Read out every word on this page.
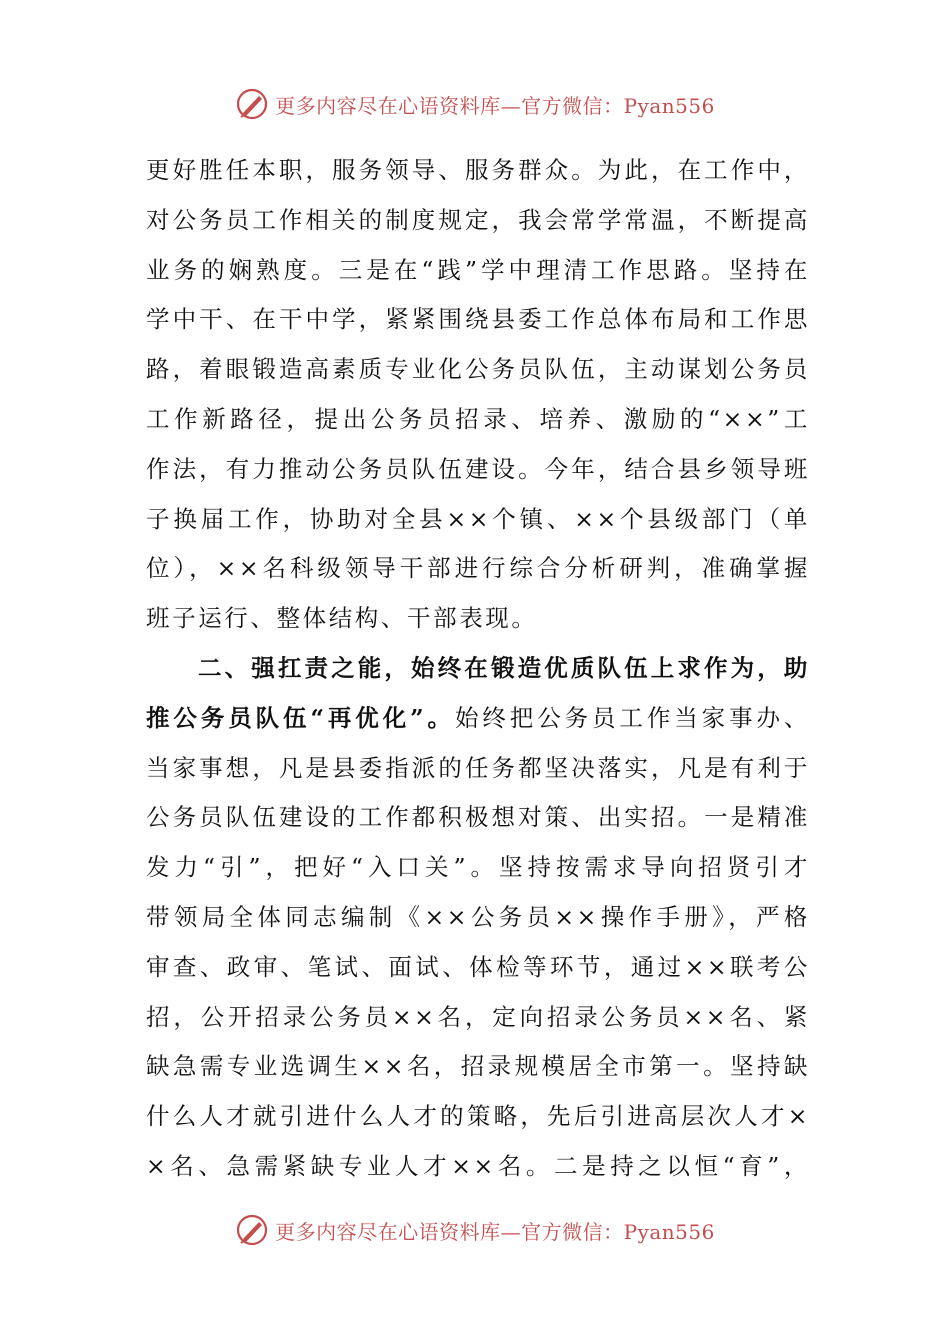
更多内容尽在心语资料库—官方微信：Pyan556
更好胜任本职，服务领导、服务群众。为此，在工作中，
对公务员工作相关的制度规定，我会常学常温，不断提高
业务的娴熟度。三是在“践”学中理清工作思路。坚持在
学中干、在干中学，紧紧围绕县委工作总体布局和工作思
路，着眼锻造高素质专业化公务员队伍，主动谋划公务员
工作新路径，提出公务员招录、培养、激励的“××”工
作法，有力推动公务员队伍建设。今年，结合县乡领导班
子换届工作，协助对全县××个镇、××个县级部门（单
位），××名科级领导干部进行综合分析研判，准确掌握
班子运行、整体结构、干部表现。
二、强扛责之能，始终在锻造优质队伍上求作为，助
推公务员队伍“再优化”。始终把公务员工作当家事办、
当家事想，凡是县委指派的任务都坚决落实，凡是有利于
公务员队伍建设的工作都积极想对策、出实招。一是精准
发力“引”，把好“入口关”。坚持按需求导向招贤引才
带领局全体同志编制《××公务员××操作手册》，严格
审查、政审、笔试、面试、体检等环节，通过××联考公
招，公开招录公务员××名，定向招录公务员××名、紧
缺急需专业选调生××名，招录规模居全市第一。坚持缺
什么人才就引进什么人才的策略，先后引进高层次人才×
×名、急需紧缺专业人才××名。二是持之以恒“育”，
更多内容尽在心语资料库—官方微信：Pyan556
